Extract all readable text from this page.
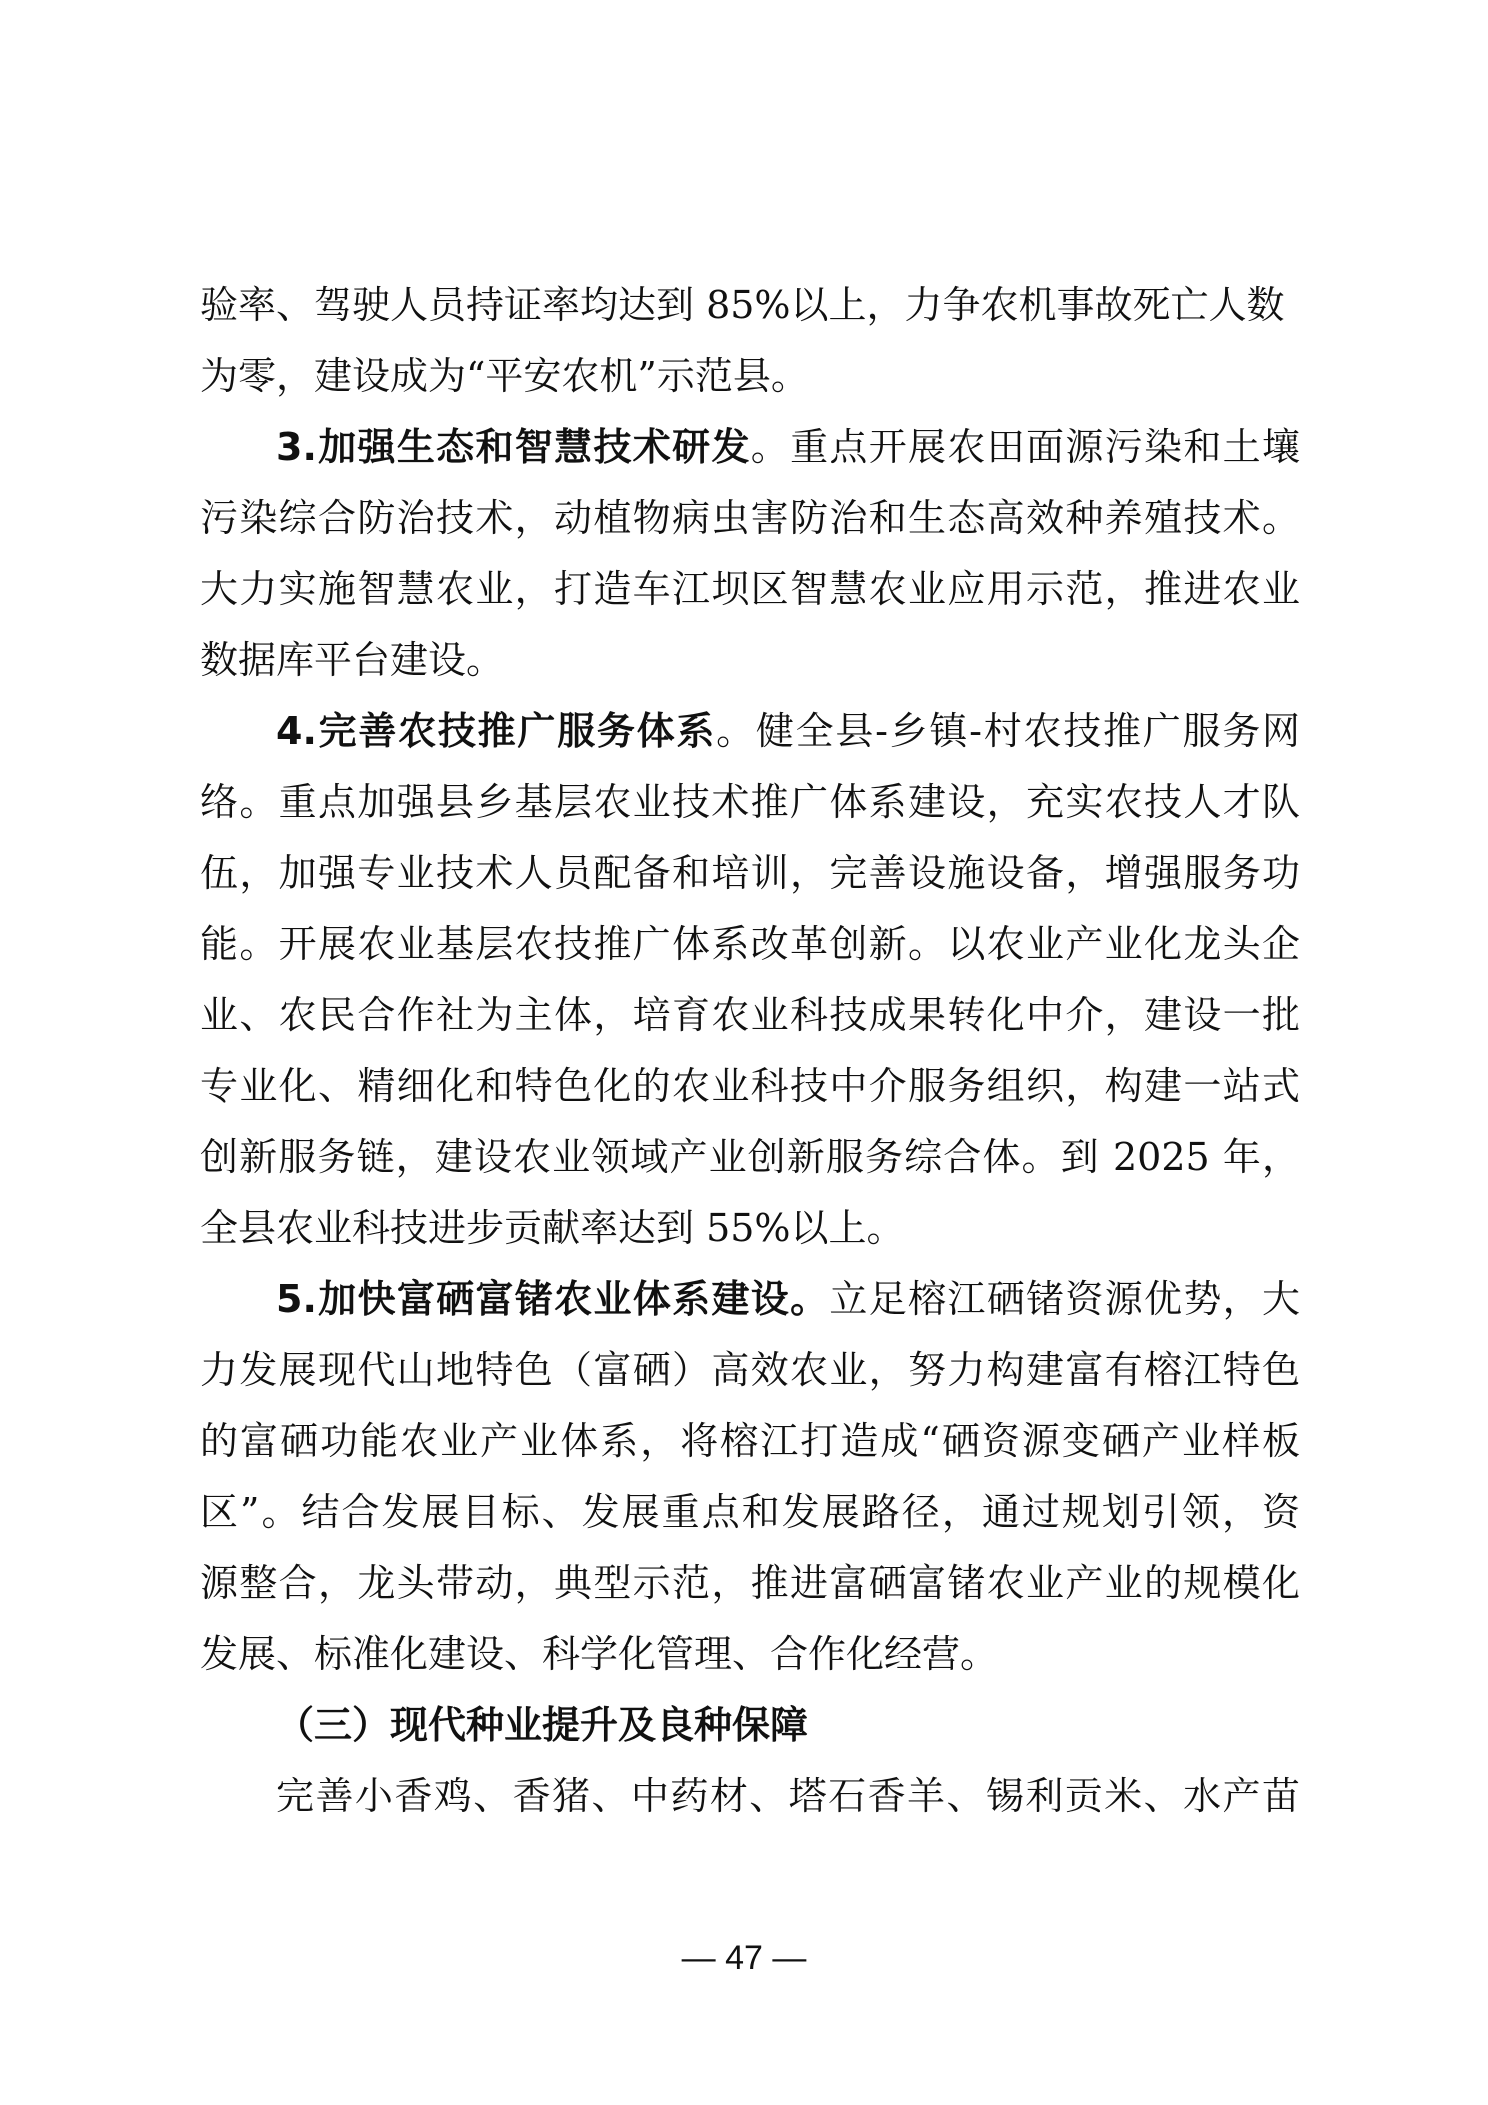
验率、驾驶人员持证率均达到 85%以上，力争农机事故死亡人数
为零，建设成为“平安农机”示范县。
3.加强生态和智慧技术研发。重点开展农田面源污染和土壤
污染综合防治技术，动植物病虫害防治和生态高效种养殖技术。
大力实施智慧农业，打造车江坝区智慧农业应用示范，推进农业
数据库平台建设。
4.完善农技推广服务体系。健全县-乡镇-村农技推广服务网
络。重点加强县乡基层农业技术推广体系建设，充实农技人才队
伍，加强专业技术人员配备和培训，完善设施设备，增强服务功
能。开展农业基层农技推广体系改革创新。以农业产业化龙头企
业、农民合作社为主体，培育农业科技成果转化中介，建设一批
专业化、精细化和特色化的农业科技中介服务组织，构建一站式
创新服务链，建设农业领域产业创新服务综合体。到 2025 年，
全县农业科技进步贡献率达到 55%以上。
5.加快富硒富锗农业体系建设。立足榕江硒锗资源优势，大
力发展现代山地特色（富硒）高效农业，努力构建富有榕江特色
的富硒功能农业产业体系，将榕江打造成“硒资源变硒产业样板
区”。结合发展目标、发展重点和发展路径，通过规划引领，资
源整合，龙头带动，典型示范，推进富硒富锗农业产业的规模化
发展、标准化建设、科学化管理、合作化经营。
（三）现代种业提升及良种保障
完善小香鸡、香猪、中药材、塔石香羊、锡利贡米、水产苗
— 47 —
